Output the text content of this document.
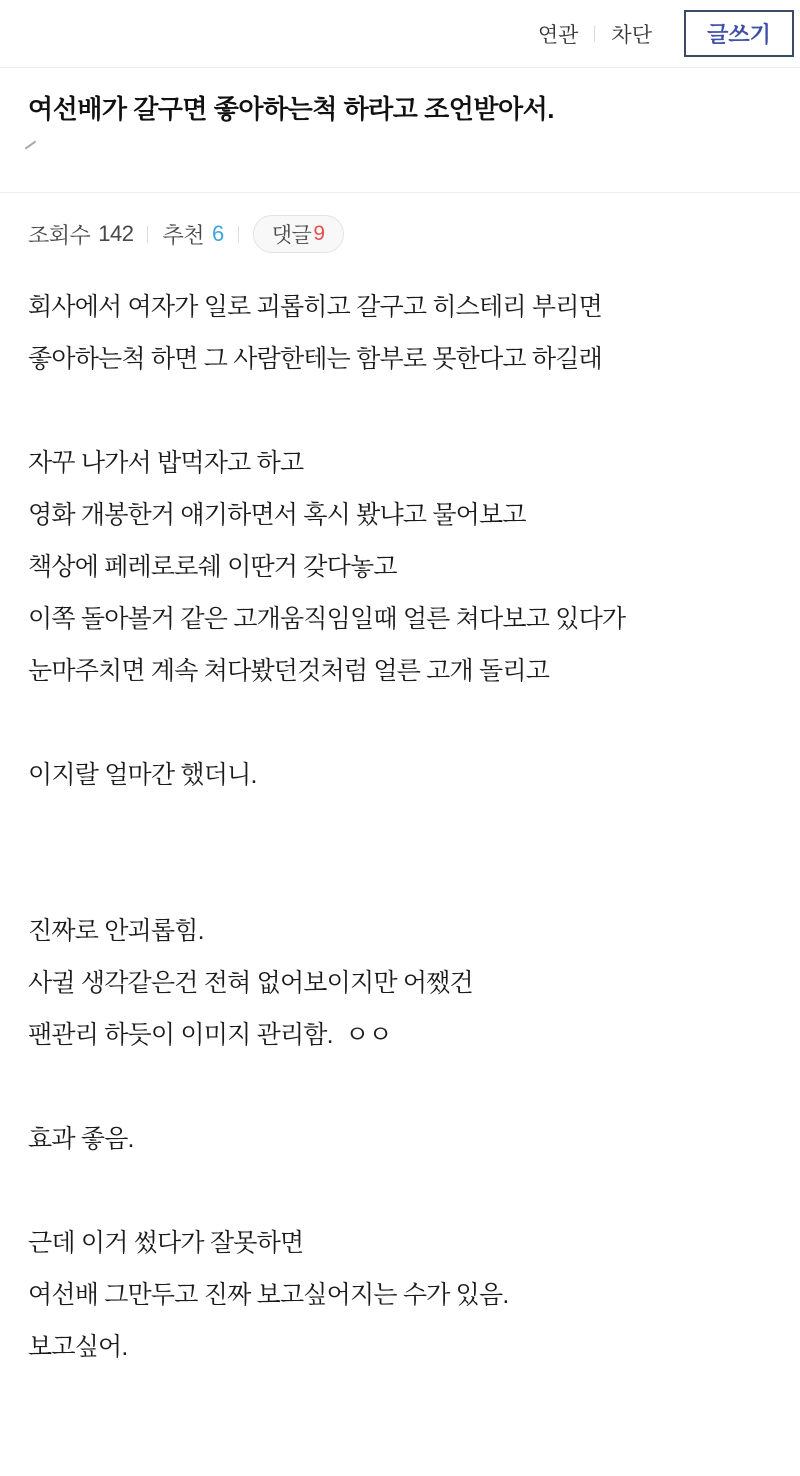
연관 차단	글쓰기
여선배가 갈구면 좋아하는척 하라고 조언받아서.
조회수 142 추천 6 댓글 9
회사에서 여자가 일로 괴롭히고 갈구고 히스테리 부리면
좋아하는척 하면 그 사람한테는 함부로 못한다고 하길래
자꾸 나가서 밥먹자고 하고
영화 개봉한거 얘기하면서 혹시 봤냐고 물어보고
책상에 페레로로쉐 이딴거 갖다놓고
이쪽 돌아볼거 같은 고개움직임일때 얼른 쳐다보고 있다가
눈마주치면 계속 쳐다봤던것처럼 얼른 고개 돌리고
이지랄 얼마간 했더니.
진짜로 안괴롭힘.
사귈 생각같은건 전혀 없어보이지만 어쨌건
팬관리 하듯이 이미지 관리함.  ㅇㅇ
효과 좋음.
근데 이거 썼다가 잘못하면
여선배 그만두고 진짜 보고싶어지는 수가 있음.
보고싶어.
